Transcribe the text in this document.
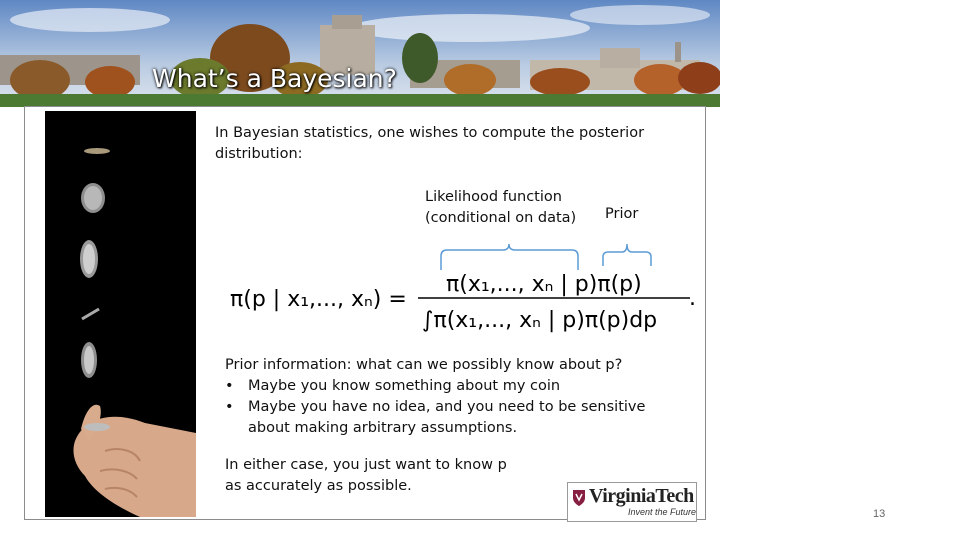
What’s a Bayesian?
In Bayesian statistics, one wishes to compute the posterior distribution:
Likelihood function
(conditional on data)	Prior
π(p | x₁,..., xₙ) =
π(x₁,..., xₙ | p)π(p)
∫π(x₁,..., xₙ | p)π(p)dp
.
Prior information: what can we possibly know about p?
• Maybe you know something about my coin
• Maybe you have no idea, and you need to be sensitive about making arbitrary assumptions.
In either case, you just want to know p as accurately as possible.	VirginiaTech
Invent the Future	13
